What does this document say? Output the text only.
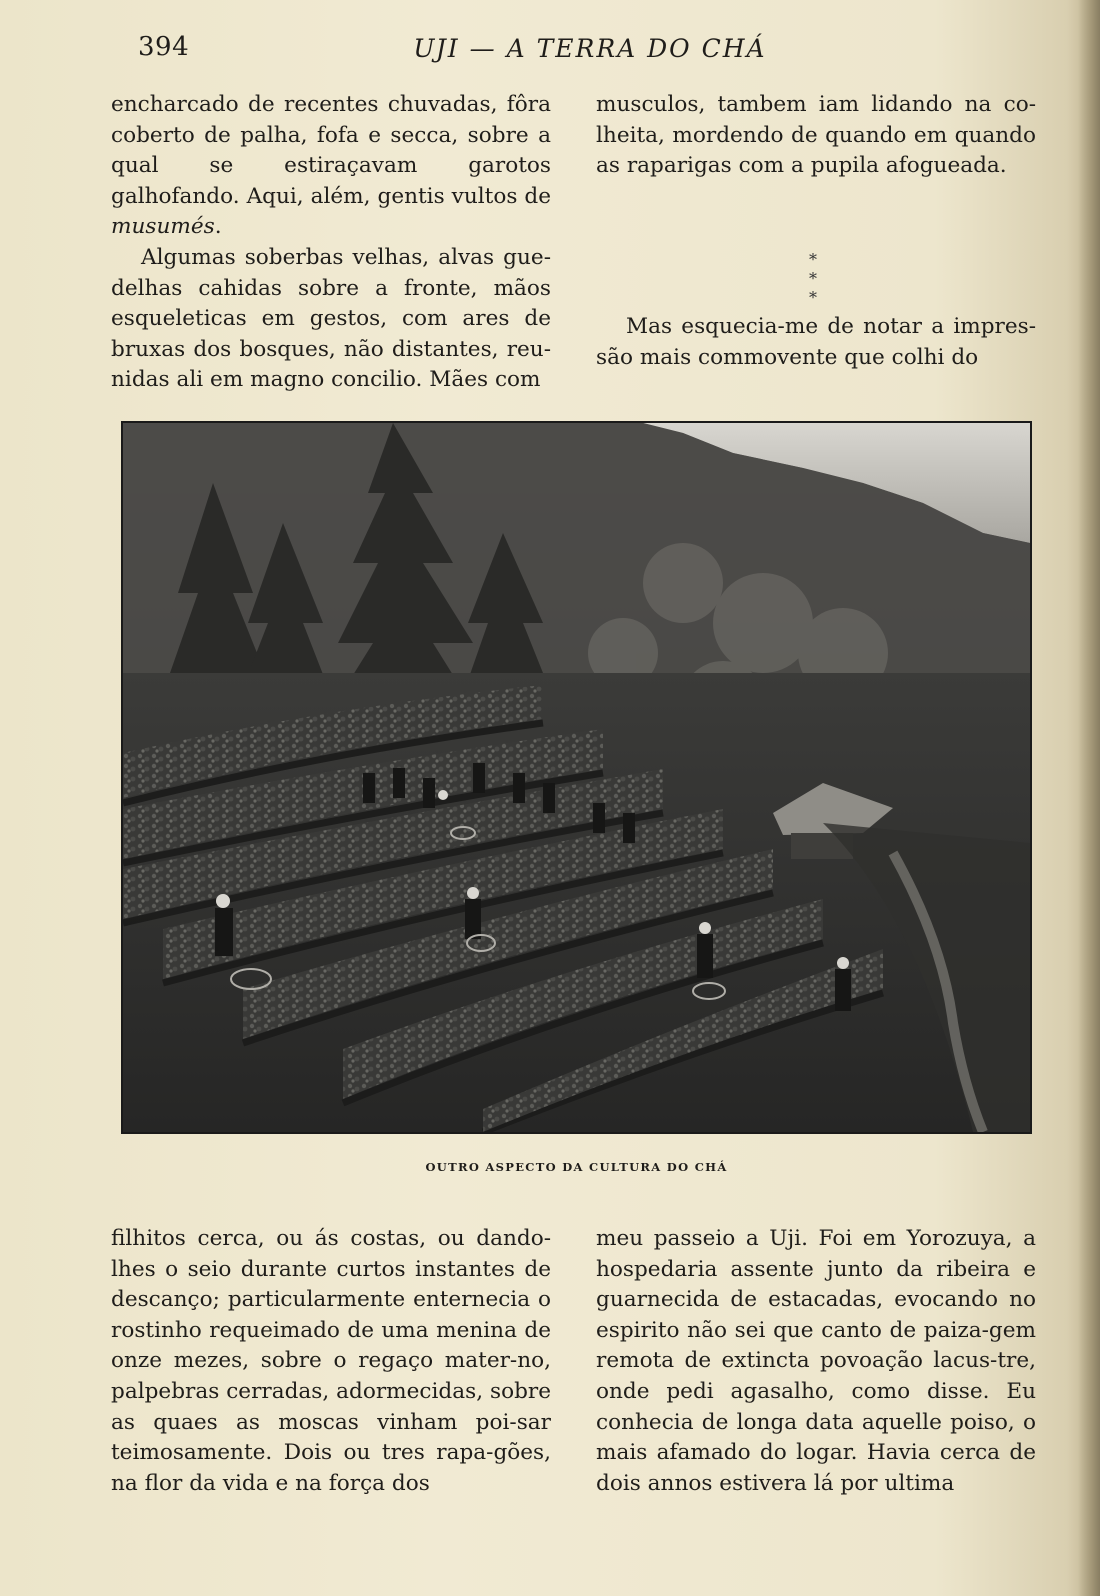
394	UJI — A TERRA DO CHÁ

encharcado de recentes chuvadas, fôra coberto de palha, fofa e secca, sobre a qual se estiraçavam garotos galhofando. Aqui, além, gentis vultos de musumés.

Algumas soberbas velhas, alvas gue-delhas cahidas sobre a fronte, mãos esqueleticas em gestos, com ares de bruxas dos bosques, não distantes, reu-nidas ali em magno concilio. Mães com

musculos, tambem iam lidando na co-lheita, mordendo de quando em quando as raparigas com a pupila afogueada.

* * *

Mas esquecia-me de notar a impres-são mais commovente que colhi do

OUTRO ASPECTO DA CULTURA DO CHÁ

filhitos cerca, ou ás costas, ou dando-lhes o seio durante curtos instantes de descanço; particularmente enternecia o rostinho requeimado de uma menina de onze mezes, sobre o regaço mater-no, palpebras cerradas, adormecidas, sobre as quaes as moscas vinham poi-sar teimosamente. Dois ou tres rapa-gões, na flor da vida e na força dos

meu passeio a Uji. Foi em Yorozuya, a hospedaria assente junto da ribeira e guarnecida de estacadas, evocando no espirito não sei que canto de paiza-gem remota de extincta povoação lacus-tre, onde pedi agasalho, como disse. Eu conhecia de longa data aquelle poiso, o mais afamado do logar. Havia cerca de dois annos estivera lá por ultima
